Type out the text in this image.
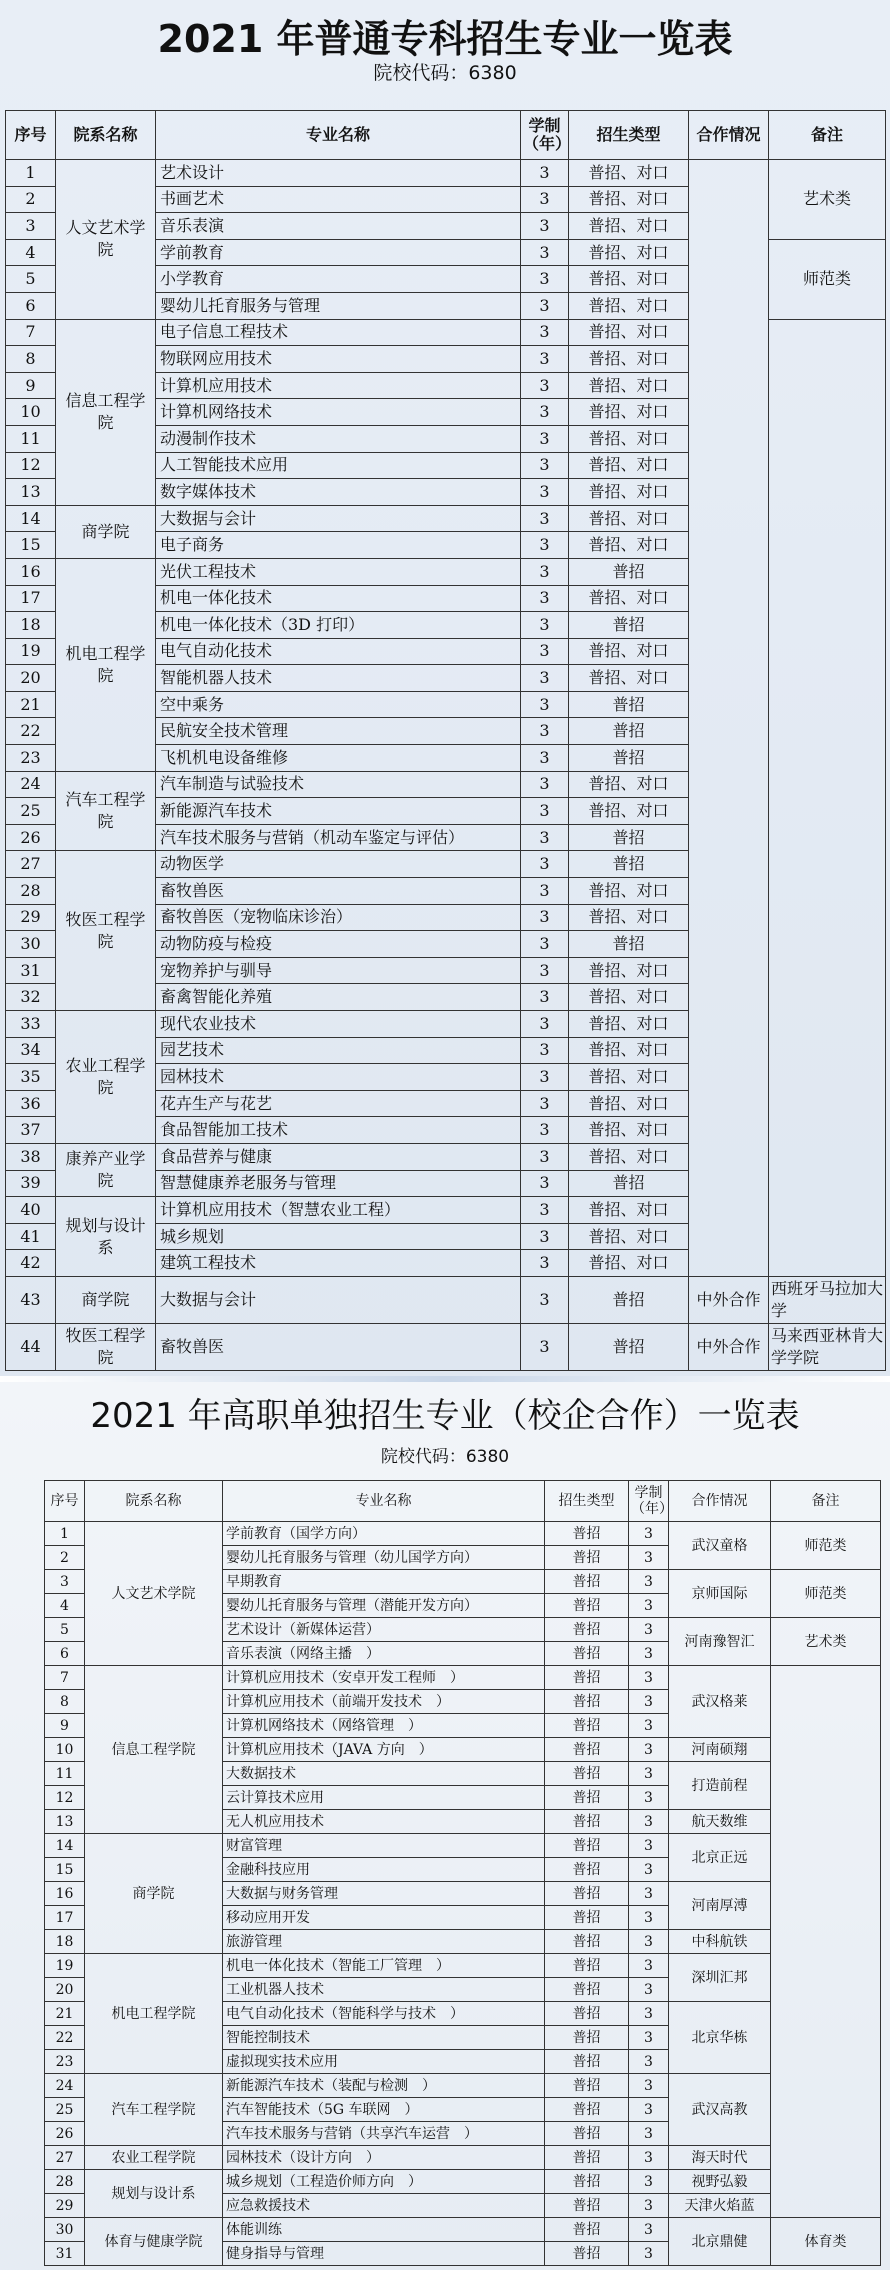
2021 年普通专科招生专业一览表
院校代码：6380
序号	院系名称	专业名称	学制（年）	招生类型	合作情况	备注
1	人文艺术学院	艺术设计	3	普招、对口		艺术类
2		书画艺术	3	普招、对口		
3		音乐表演	3	普招、对口		
4		学前教育	3	普招、对口		师范类
5		小学教育	3	普招、对口		
6		婴幼儿托育服务与管理	3	普招、对口		
7	信息工程学院	电子信息工程技术	3	普招、对口		
8		物联网应用技术	3	普招、对口		
9		计算机应用技术	3	普招、对口		
10		计算机网络技术	3	普招、对口		
11		动漫制作技术	3	普招、对口		
12		人工智能技术应用	3	普招、对口		
13		数字媒体技术	3	普招、对口		
14	商学院	大数据与会计	3	普招、对口		
15		电子商务	3	普招、对口		
16	机电工程学院	光伏工程技术	3	普招		
17		机电一体化技术	3	普招、对口		
18		机电一体化技术（3D 打印）	3	普招		
19		电气自动化技术	3	普招、对口		
20		智能机器人技术	3	普招、对口		
21		空中乘务	3	普招		
22		民航安全技术管理	3	普招		
23		飞机机电设备维修	3	普招		
24	汽车工程学院	汽车制造与试验技术	3	普招、对口		
25		新能源汽车技术	3	普招、对口		
26		汽车技术服务与营销（机动车鉴定与评估）	3	普招		
27	牧医工程学院	动物医学	3	普招		
28		畜牧兽医	3	普招、对口		
29		畜牧兽医（宠物临床诊治）	3	普招、对口		
30		动物防疫与检疫	3	普招		
31		宠物养护与驯导	3	普招、对口		
32		畜禽智能化养殖	3	普招、对口		
33	农业工程学院	现代农业技术	3	普招、对口		
34		园艺技术	3	普招、对口		
35		园林技术	3	普招、对口		
36		花卉生产与花艺	3	普招、对口		
37		食品智能加工技术	3	普招、对口		
38	康养产业学院	食品营养与健康	3	普招、对口		
39		智慧健康养老服务与管理	3	普招		
40	规划与设计系	计算机应用技术（智慧农业工程）	3	普招、对口		
41		城乡规划	3	普招、对口		
42		建筑工程技术	3	普招、对口		
43	商学院	大数据与会计	3	普招	中外合作	西班牙马拉加大学
44	牧医工程学院	畜牧兽医	3	普招	中外合作	马来西亚林肯大学学院
2021 年高职单独招生专业（校企合作）一览表
院校代码：6380
序号	院系名称	专业名称	招生类型	学制（年）	合作情况	备注
1	人文艺术学院	学前教育（国学方向）	普招	3	武汉童格	师范类
2		婴幼儿托育服务与管理（幼儿国学方向）	普招	3		
3		早期教育	普招	3	京师国际	师范类
4		婴幼儿托育服务与管理（潜能开发方向）	普招	3		
5		艺术设计（新媒体运营）	普招	3	河南豫智汇	艺术类
6		音乐表演（网络主播　）	普招	3		
7	信息工程学院	计算机应用技术（安卓开发工程师　）	普招	3	武汉格莱	
8		计算机应用技术（前端开发技术　）	普招	3		
9		计算机网络技术（网络管理　）	普招	3		
10		计算机应用技术（JAVA 方向　）	普招	3	河南硕翔	
11		大数据技术	普招	3	打造前程	
12		云计算技术应用	普招	3		
13		无人机应用技术	普招	3	航天数维	
14	商学院	财富管理	普招	3	北京正远	
15		金融科技应用	普招	3		
16		大数据与财务管理	普招	3	河南厚溥	
17		移动应用开发	普招	3		
18		旅游管理	普招	3	中科航铁	
19	机电工程学院	机电一体化技术（智能工厂管理　）	普招	3	深圳汇邦	
20		工业机器人技术	普招	3		
21		电气自动化技术（智能科学与技术　）	普招	3	北京华栋	
22		智能控制技术	普招	3		
23		虚拟现实技术应用	普招	3		
24	汽车工程学院	新能源汽车技术（装配与检测　）	普招	3	武汉高教	
25		汽车智能技术（5G 车联网　）	普招	3		
26		汽车技术服务与营销（共享汽车运营　）	普招	3		
27	农业工程学院	园林技术（设计方向　）	普招	3	海天时代	
28	规划与设计系	城乡规划（工程造价师方向　）	普招	3	视野弘毅	
29		应急救援技术	普招	3	天津火焰蓝	
30	体育与健康学院	体能训练	普招	3	北京鼎健	体育类
31		健身指导与管理	普招	3		
